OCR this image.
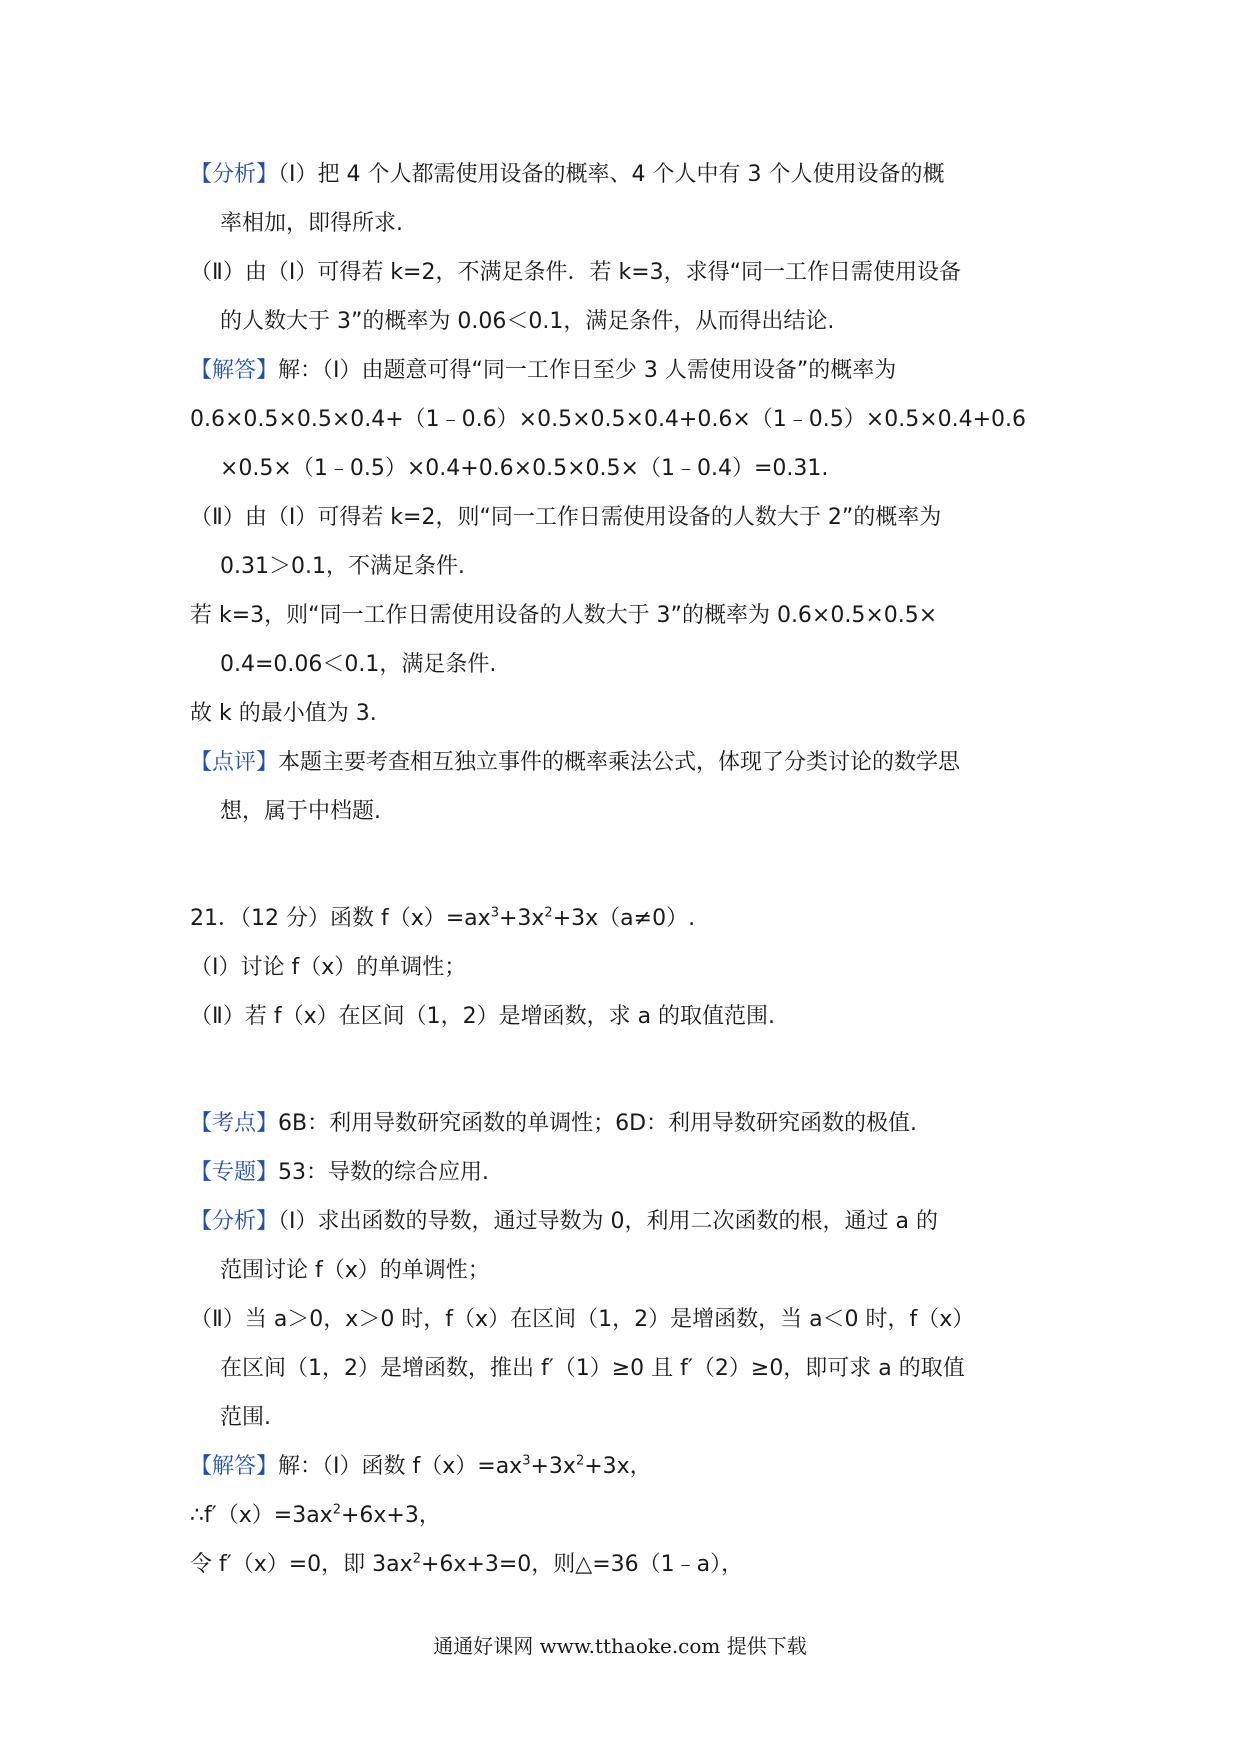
【分析】（Ⅰ）把 4 个人都需使用设备的概率、4 个人中有 3 个人使用设备的概
率相加，即得所求.
（Ⅱ）由（Ⅰ）可得若 k=2，不满足条件．若 k=3，求得“同一工作日需使用设备
的人数大于 3”的概率为 0.06＜0.1，满足条件，从而得出结论.
【解答】解：（Ⅰ）由题意可得“同一工作日至少 3 人需使用设备”的概率为
0.6×0.5×0.5×0.4+（1﹣0.6）×0.5×0.5×0.4+0.6×（1﹣0.5）×0.5×0.4+0.6
×0.5×（1﹣0.5）×0.4+0.6×0.5×0.5×（1﹣0.4）=0.31.
（Ⅱ）由（Ⅰ）可得若 k=2，则“同一工作日需使用设备的人数大于 2”的概率为
0.31＞0.1，不满足条件.
若 k=3，则“同一工作日需使用设备的人数大于 3”的概率为 0.6×0.5×0.5×
0.4=0.06＜0.1，满足条件.
故 k 的最小值为 3.
【点评】本题主要考查相互独立事件的概率乘法公式，体现了分类讨论的数学思
想，属于中档题.
21．（12 分）函数 $f(x)=ax^3+3x^2+3x(a\ne 0)$.
（Ⅰ）讨论 f（x）的单调性；
（Ⅱ）若 f（x）在区间（1，2）是增函数，求 a 的取值范围.
【考点】6B：利用导数研究函数的单调性；6D：利用导数研究函数的极值.
【专题】53：导数的综合应用.
【分析】（Ⅰ）求出函数的导数，通过导数为 0，利用二次函数的根，通过 a 的
范围讨论 f（x）的单调性；
（Ⅱ）当 a＞0，x＞0 时，f（x）在区间（1，2）是增函数，当 a＜0 时，f（x）
在区间（1，2）是增函数，推出 f′（1）≥0 且 f′（2）≥0，即可求 a 的取值
范围.
【解答】解：（Ⅰ）函数 $f(x)=ax^3+3x^2+3x$，
$\therefore f'(x)=3ax^2+6x+3$，
令 f′（x）=0，即 $3ax^2+6x+3=0$，则△=36（1﹣a），
通通好课网 www.tthaoke.com 提供下载
